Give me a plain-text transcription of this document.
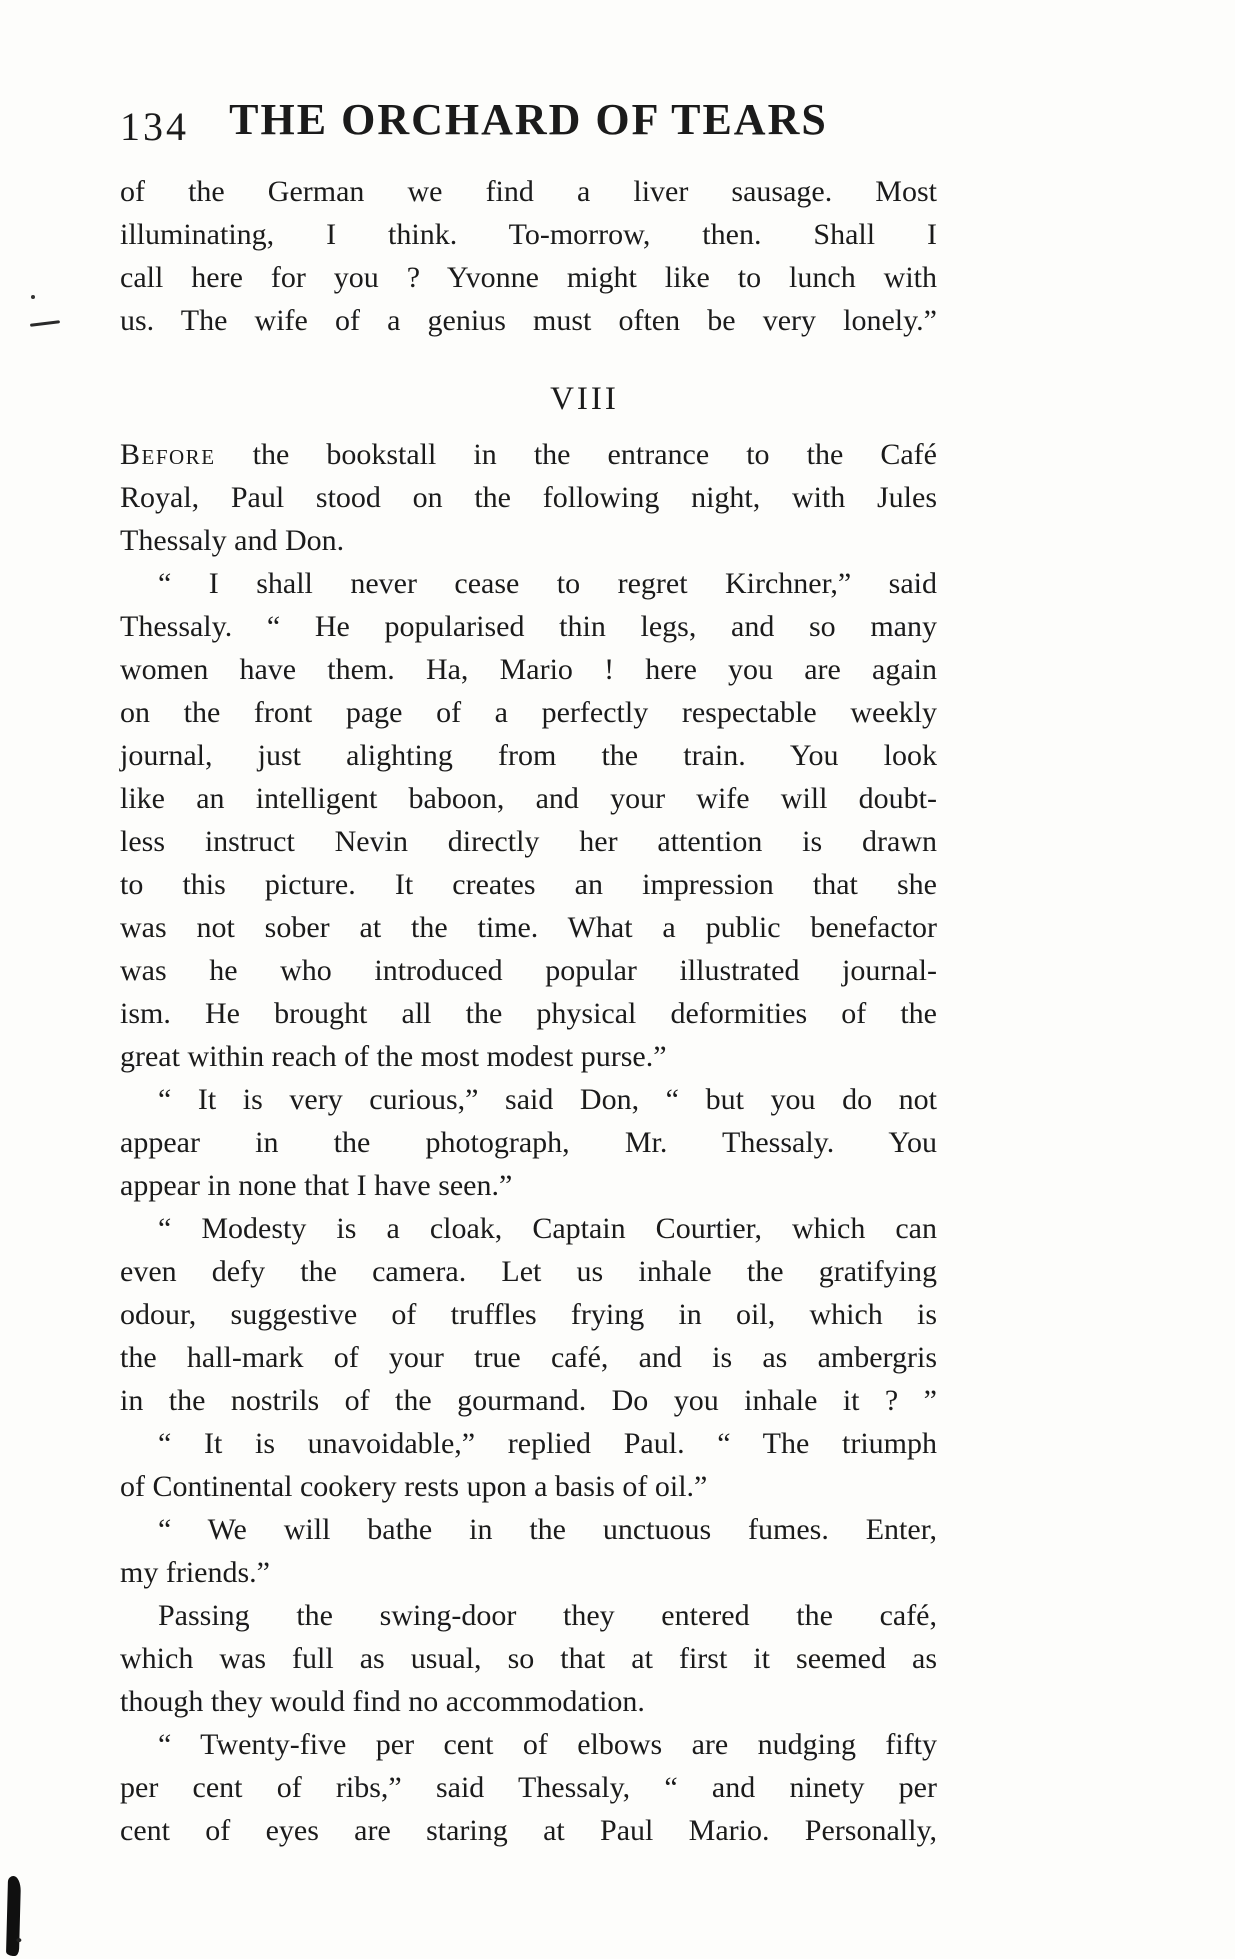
134 THE ORCHARD OF TEARS
of the German we find a liver sausage. Most
illuminating, I think. To-morrow, then. Shall I
call here for you ? Yvonne might like to lunch with
us. The wife of a genius must often be very lonely.”
VIII
Before the bookstall in the entrance to the Café
Royal, Paul stood on the following night, with Jules
Thessaly and Don.
“ I shall never cease to regret Kirchner,” said
Thessaly. “ He popularised thin legs, and so many
women have them. Ha, Mario ! here you are again
on the front page of a perfectly respectable weekly
journal, just alighting from the train. You look
like an intelligent baboon, and your wife will doubt-
less instruct Nevin directly her attention is drawn
to this picture. It creates an impression that she
was not sober at the time. What a public benefactor
was he who introduced popular illustrated journal-
ism. He brought all the physical deformities of the
great within reach of the most modest purse.”
“ It is very curious,” said Don, “ but you do not
appear in the photograph, Mr. Thessaly. You
appear in none that I have seen.”
“ Modesty is a cloak, Captain Courtier, which can
even defy the camera. Let us inhale the gratifying
odour, suggestive of truffles frying in oil, which is
the hall-mark of your true café, and is as ambergris
in the nostrils of the gourmand. Do you inhale it ? ”
“ It is unavoidable,” replied Paul. “ The triumph
of Continental cookery rests upon a basis of oil.”
“ We will bathe in the unctuous fumes. Enter,
my friends.”
Passing the swing-door they entered the café,
which was full as usual, so that at first it seemed as
though they would find no accommodation.
“ Twenty-five per cent of elbows are nudging fifty
per cent of ribs,” said Thessaly, “ and ninety per
cent of eyes are staring at Paul Mario. Personally,
